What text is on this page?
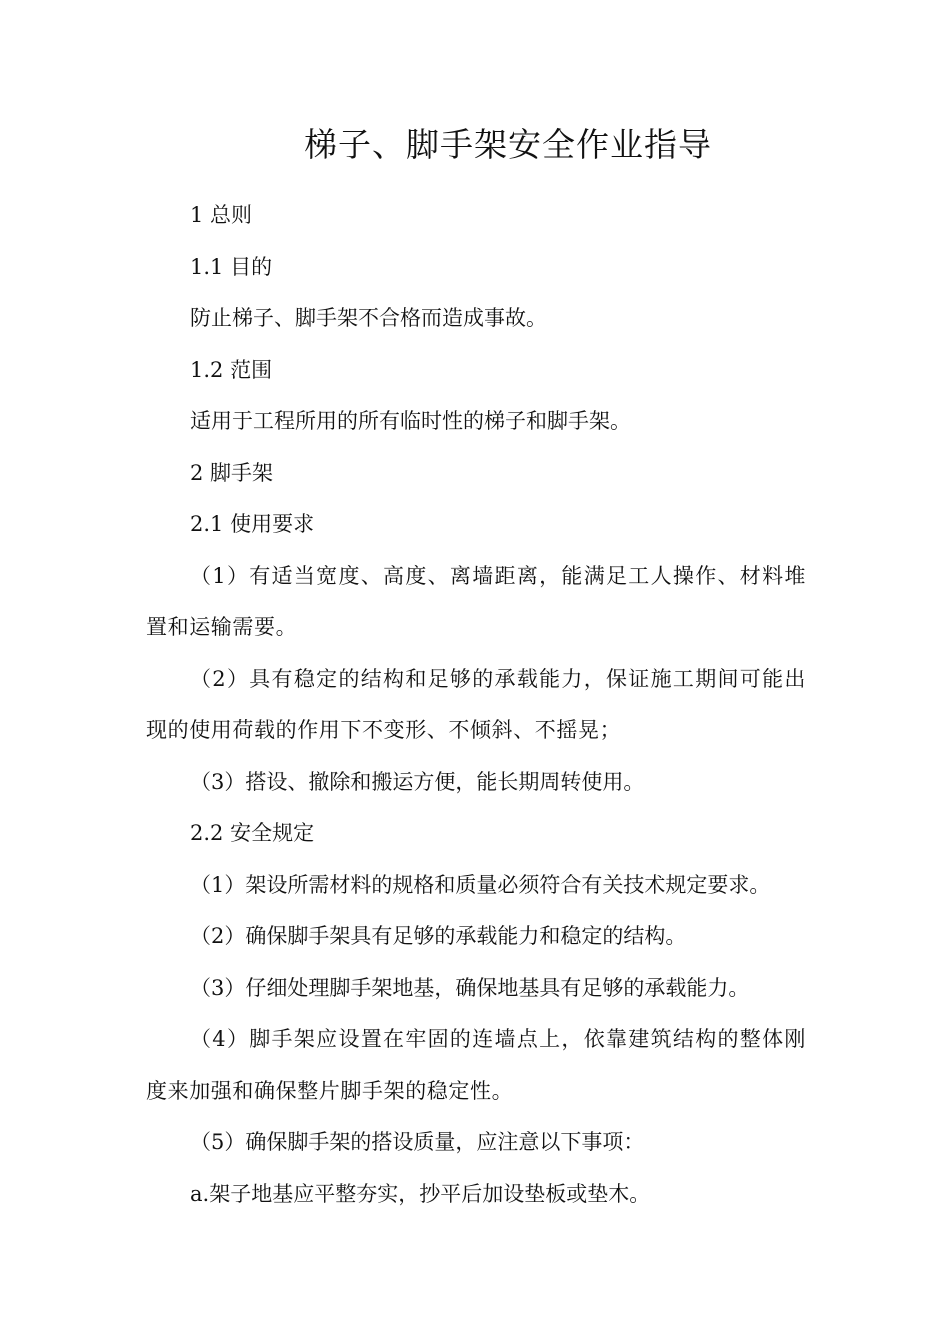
梯子、脚手架安全作业指导

1 总则

1.1 目的

防止梯子、脚手架不合格而造成事故。

1.2 范围

适用于工程所用的所有临时性的梯子和脚手架。

2 脚手架

2.1 使用要求

（1）有适当宽度、高度、离墙距离，能满足工人操作、材料堆置和运输需要。

（2）具有稳定的结构和足够的承载能力，保证施工期间可能出现的使用荷载的作用下不变形、不倾斜、不摇晃；

（3）搭设、撤除和搬运方便，能长期周转使用。

2.2 安全规定

（1）架设所需材料的规格和质量必须符合有关技术规定要求。

（2）确保脚手架具有足够的承载能力和稳定的结构。

（3）仔细处理脚手架地基，确保地基具有足够的承载能力。

（4）脚手架应设置在牢固的连墙点上，依靠建筑结构的整体刚度来加强和确保整片脚手架的稳定性。

（5）确保脚手架的搭设质量，应注意以下事项：

a.架子地基应平整夯实，抄平后加设垫板或垫木。
